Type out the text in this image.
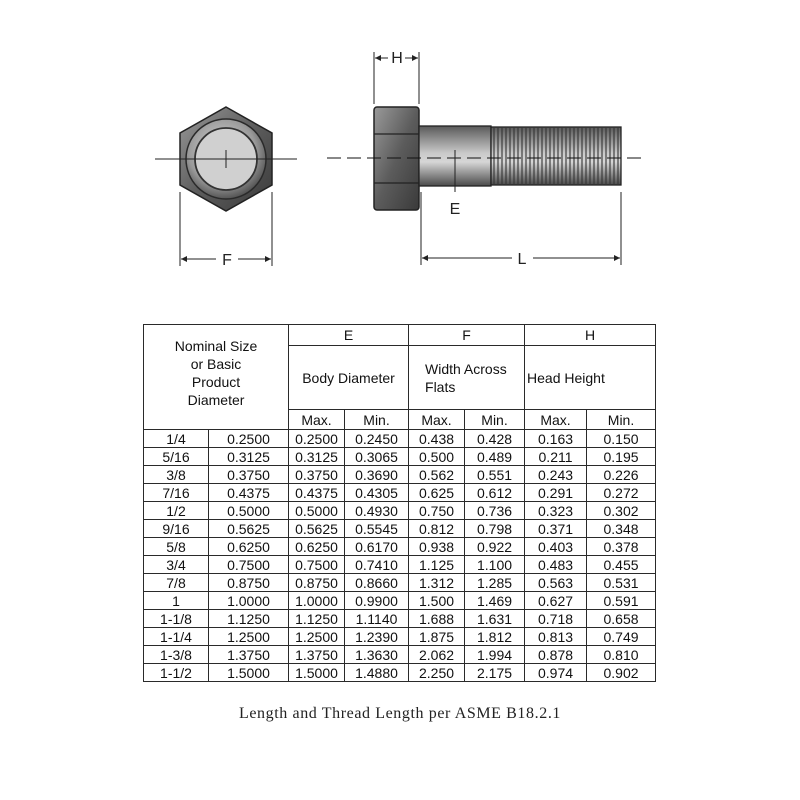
F
H
E
L
Nominal Size or Basic Product Diameter		E		F		H	
		Body Diameter		Width Across Flats		Head Height	
		Max.	Min.	Max.	Min.	Max.	Min.
1/4	0.2500	0.2500	0.2450	0.438	0.428	0.163	0.150
5/16	0.3125	0.3125	0.3065	0.500	0.489	0.211	0.195
3/8	0.3750	0.3750	0.3690	0.562	0.551	0.243	0.226
7/16	0.4375	0.4375	0.4305	0.625	0.612	0.291	0.272
1/2	0.5000	0.5000	0.4930	0.750	0.736	0.323	0.302
9/16	0.5625	0.5625	0.5545	0.812	0.798	0.371	0.348
5/8	0.6250	0.6250	0.6170	0.938	0.922	0.403	0.378
3/4	0.7500	0.7500	0.7410	1.125	1.100	0.483	0.455
7/8	0.8750	0.8750	0.8660	1.312	1.285	0.563	0.531
1	1.0000	1.0000	0.9900	1.500	1.469	0.627	0.591
1-1/8	1.1250	1.1250	1.1140	1.688	1.631	0.718	0.658
1-1/4	1.2500	1.2500	1.2390	1.875	1.812	0.813	0.749
1-3/8	1.3750	1.3750	1.3630	2.062	1.994	0.878	0.810
1-1/2	1.5000	1.5000	1.4880	2.250	2.175	0.974	0.902
Length and Thread Length per ASME B18.2.1
